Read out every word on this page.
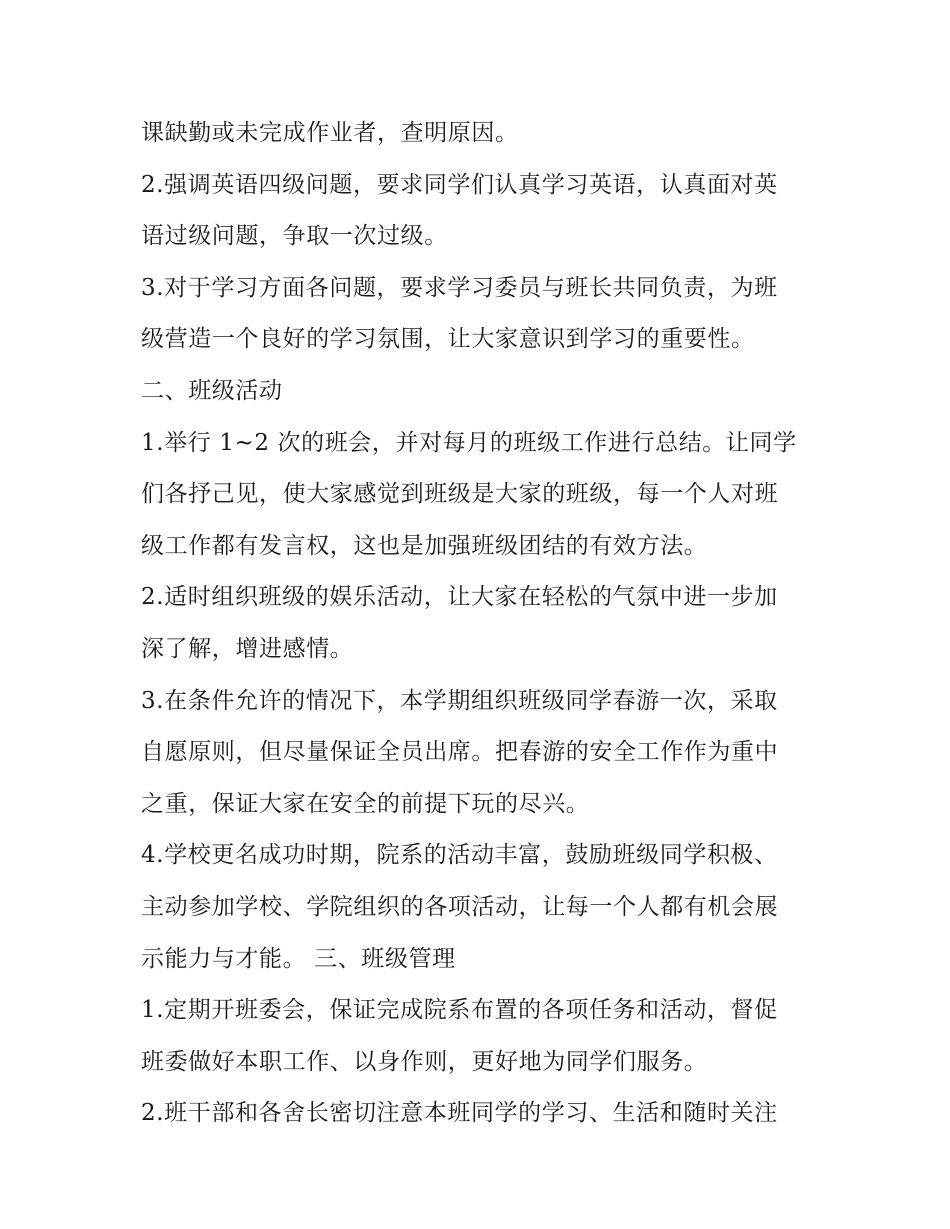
课缺勤或未完成作业者，查明原因。
2.强调英语四级问题，要求同学们认真学习英语，认真面对英
语过级问题，争取一次过级。
3.对于学习方面各问题，要求学习委员与班长共同负责，为班
级营造一个良好的学习氛围，让大家意识到学习的重要性。
二、班级活动
1.举行 1~2 次的班会，并对每月的班级工作进行总结。让同学
们各抒己见，使大家感觉到班级是大家的班级，每一个人对班
级工作都有发言权，这也是加强班级团结的有效方法。
2.适时组织班级的娱乐活动，让大家在轻松的气氛中进一步加
深了解，增进感情。
3.在条件允许的情况下，本学期组织班级同学春游一次，采取
自愿原则，但尽量保证全员出席。把春游的安全工作作为重中
之重，保证大家在安全的前提下玩的尽兴。
4.学校更名成功时期，院系的活动丰富，鼓励班级同学积极、
主动参加学校、学院组织的各项活动，让每一个人都有机会展
示能力与才能。 三、班级管理
1.定期开班委会，保证完成院系布置的各项任务和活动，督促
班委做好本职工作、以身作则，更好地为同学们服务。
2.班干部和各舍长密切注意本班同学的学习、生活和随时关注
